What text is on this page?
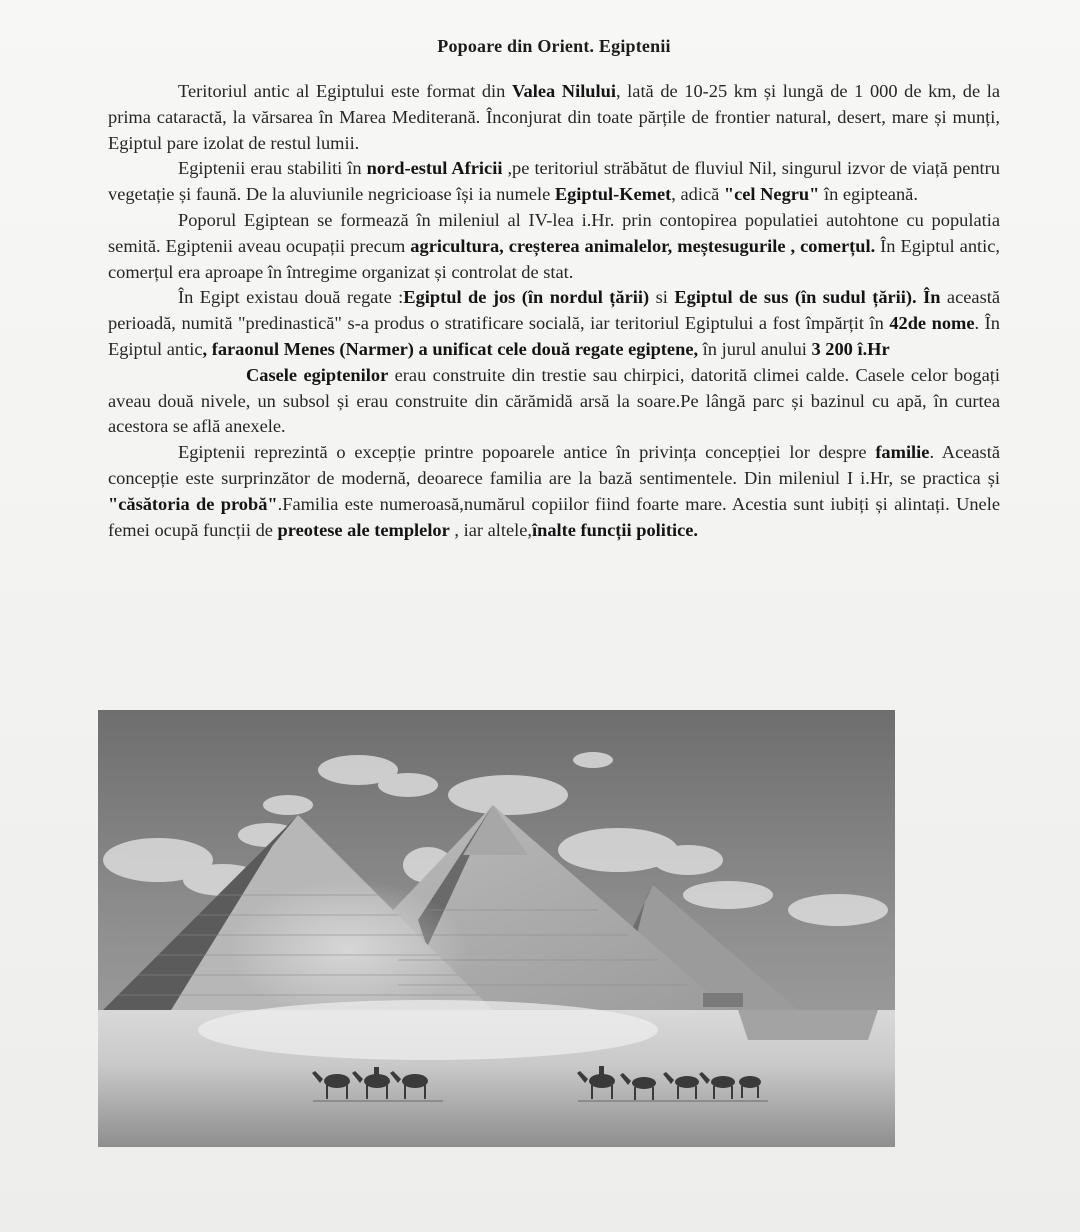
Popoare din Orient. Egiptenii

Teritoriul antic al Egiptului este format din Valea Nilului, lată de 10-25 km și lungă de 1 000 de km, de la prima cataractă, la vărsarea în Marea Mediterană. Înconjurat din toate părțile de frontier natural, desert, mare și munți, Egiptul pare izolat de restul lumii.

Egiptenii erau stabiliti în nord-estul Africii ,pe teritoriul străbătut de fluviul Nil, singurul izvor de viață pentru vegetație și faună. De la aluviunile negricioase își ia numele Egiptul-Kemet, adică "cel Negru" în egipteană.

Poporul Egiptean se formează în mileniul al IV-lea i.Hr. prin contopirea populatiei autohtone cu populatia semită. Egiptenii aveau ocupații precum agricultura, creșterea animalelor, meștesugurile , comerțul. În Egiptul antic, comerțul era aproape în întregime organizat și controlat de stat.

În Egipt existau două regate :Egiptul de jos (în nordul țării) si Egiptul de sus (în sudul țării). În această perioadă, numită "predinastică" s-a produs o stratificare socială, iar teritoriul Egiptului a fost împărțit în 42de nome. În Egiptul antic, faraonul Menes (Narmer) a unificat cele două regate egiptene, în jurul anului 3 200 î.Hr

Casele egiptenilor erau construite din trestie sau chirpici, datorită climei calde. Casele celor bogați aveau două nivele, un subsol și erau construite din cărămidă arsă la soare.Pe lângă parc și bazinul cu apă, în curtea acestora se află anexele.

Egiptenii reprezintă o excepție printre popoarele antice în privința concepției lor despre familie. Această concepție este surprinzător de modernă, deoarece familia are la bază sentimentele. Din mileniul I i.Hr, se practica și "căsătoria de probă".Familia este numeroasă,numărul copiilor fiind foarte mare. Acestia sunt iubiți și alintați. Unele femei ocupă funcții de preotese ale templelor , iar altele,înalte funcții politice.
